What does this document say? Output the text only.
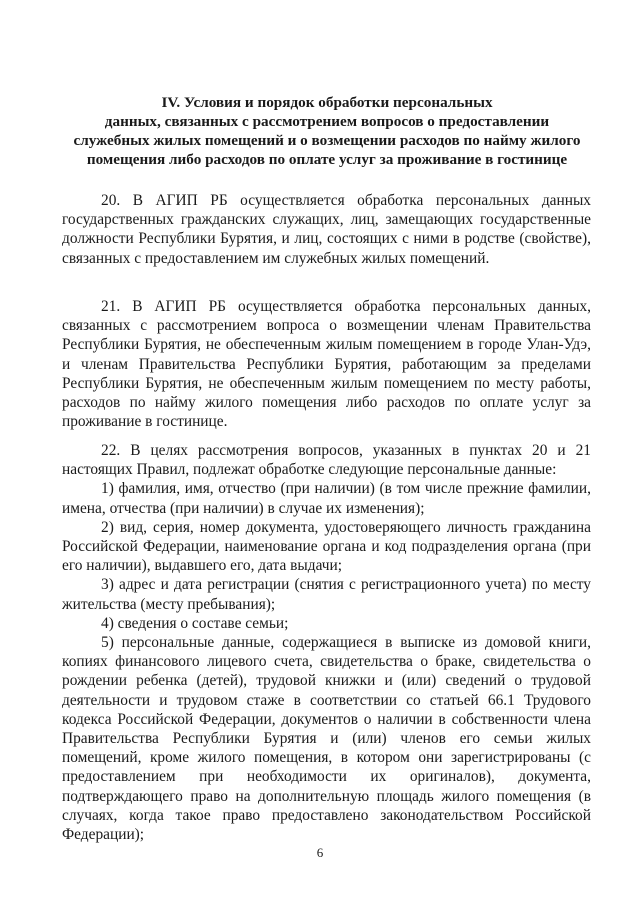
IV. Условия и порядок обработки персональных
данных, связанных с рассмотрением вопросов о предоставлении
служебных жилых помещений и о возмещении расходов по найму жилого
помещения либо расходов по оплате услуг за проживание в гостинице

20. В АГИП РБ осуществляется обработка персональных данных государственных гражданских служащих, лиц, замещающих государственные должности Республики Бурятия, и лиц, состоящих с ними в родстве (свойстве), связанных с предоставлением им служебных жилых помещений.

21. В АГИП РБ осуществляется обработка персональных данных, связанных с рассмотрением вопроса о возмещении членам Правительства Республики Бурятия, не обеспеченным жилым помещением в городе Улан-Удэ, и членам Правительства Республики Бурятия, работающим за пределами Республики Бурятия, не обеспеченным жилым помещением по месту работы, расходов по найму жилого помещения либо расходов по оплате услуг за проживание в гостинице.

22. В целях рассмотрения вопросов, указанных в пунктах 20 и 21 настоящих Правил, подлежат обработке следующие персональные данные:

1) фамилия, имя, отчество (при наличии) (в том числе прежние фамилии, имена, отчества (при наличии) в случае их изменения);

2) вид, серия, номер документа, удостоверяющего личность гражданина Российской Федерации, наименование органа и код подразделения органа (при его наличии), выдавшего его, дата выдачи;

3) адрес и дата регистрации (снятия с регистрационного учета) по месту жительства (месту пребывания);

4) сведения о составе семьи;

5) персональные данные, содержащиеся в выписке из домовой книги, копиях финансового лицевого счета, свидетельства о браке, свидетельства о рождении ребенка (детей), трудовой книжки и (или) сведений о трудовой деятельности и трудовом стаже в соответствии со статьей 66.1 Трудового кодекса Российской Федерации, документов о наличии в собственности члена Правительства Республики Бурятия и (или) членов его семьи жилых помещений, кроме жилого помещения, в котором они зарегистрированы (с предоставлением при необходимости их оригиналов), документа, подтверждающего право на дополнительную площадь жилого помещения (в случаях, когда такое право предоставлено законодательством Российской Федерации);

6
